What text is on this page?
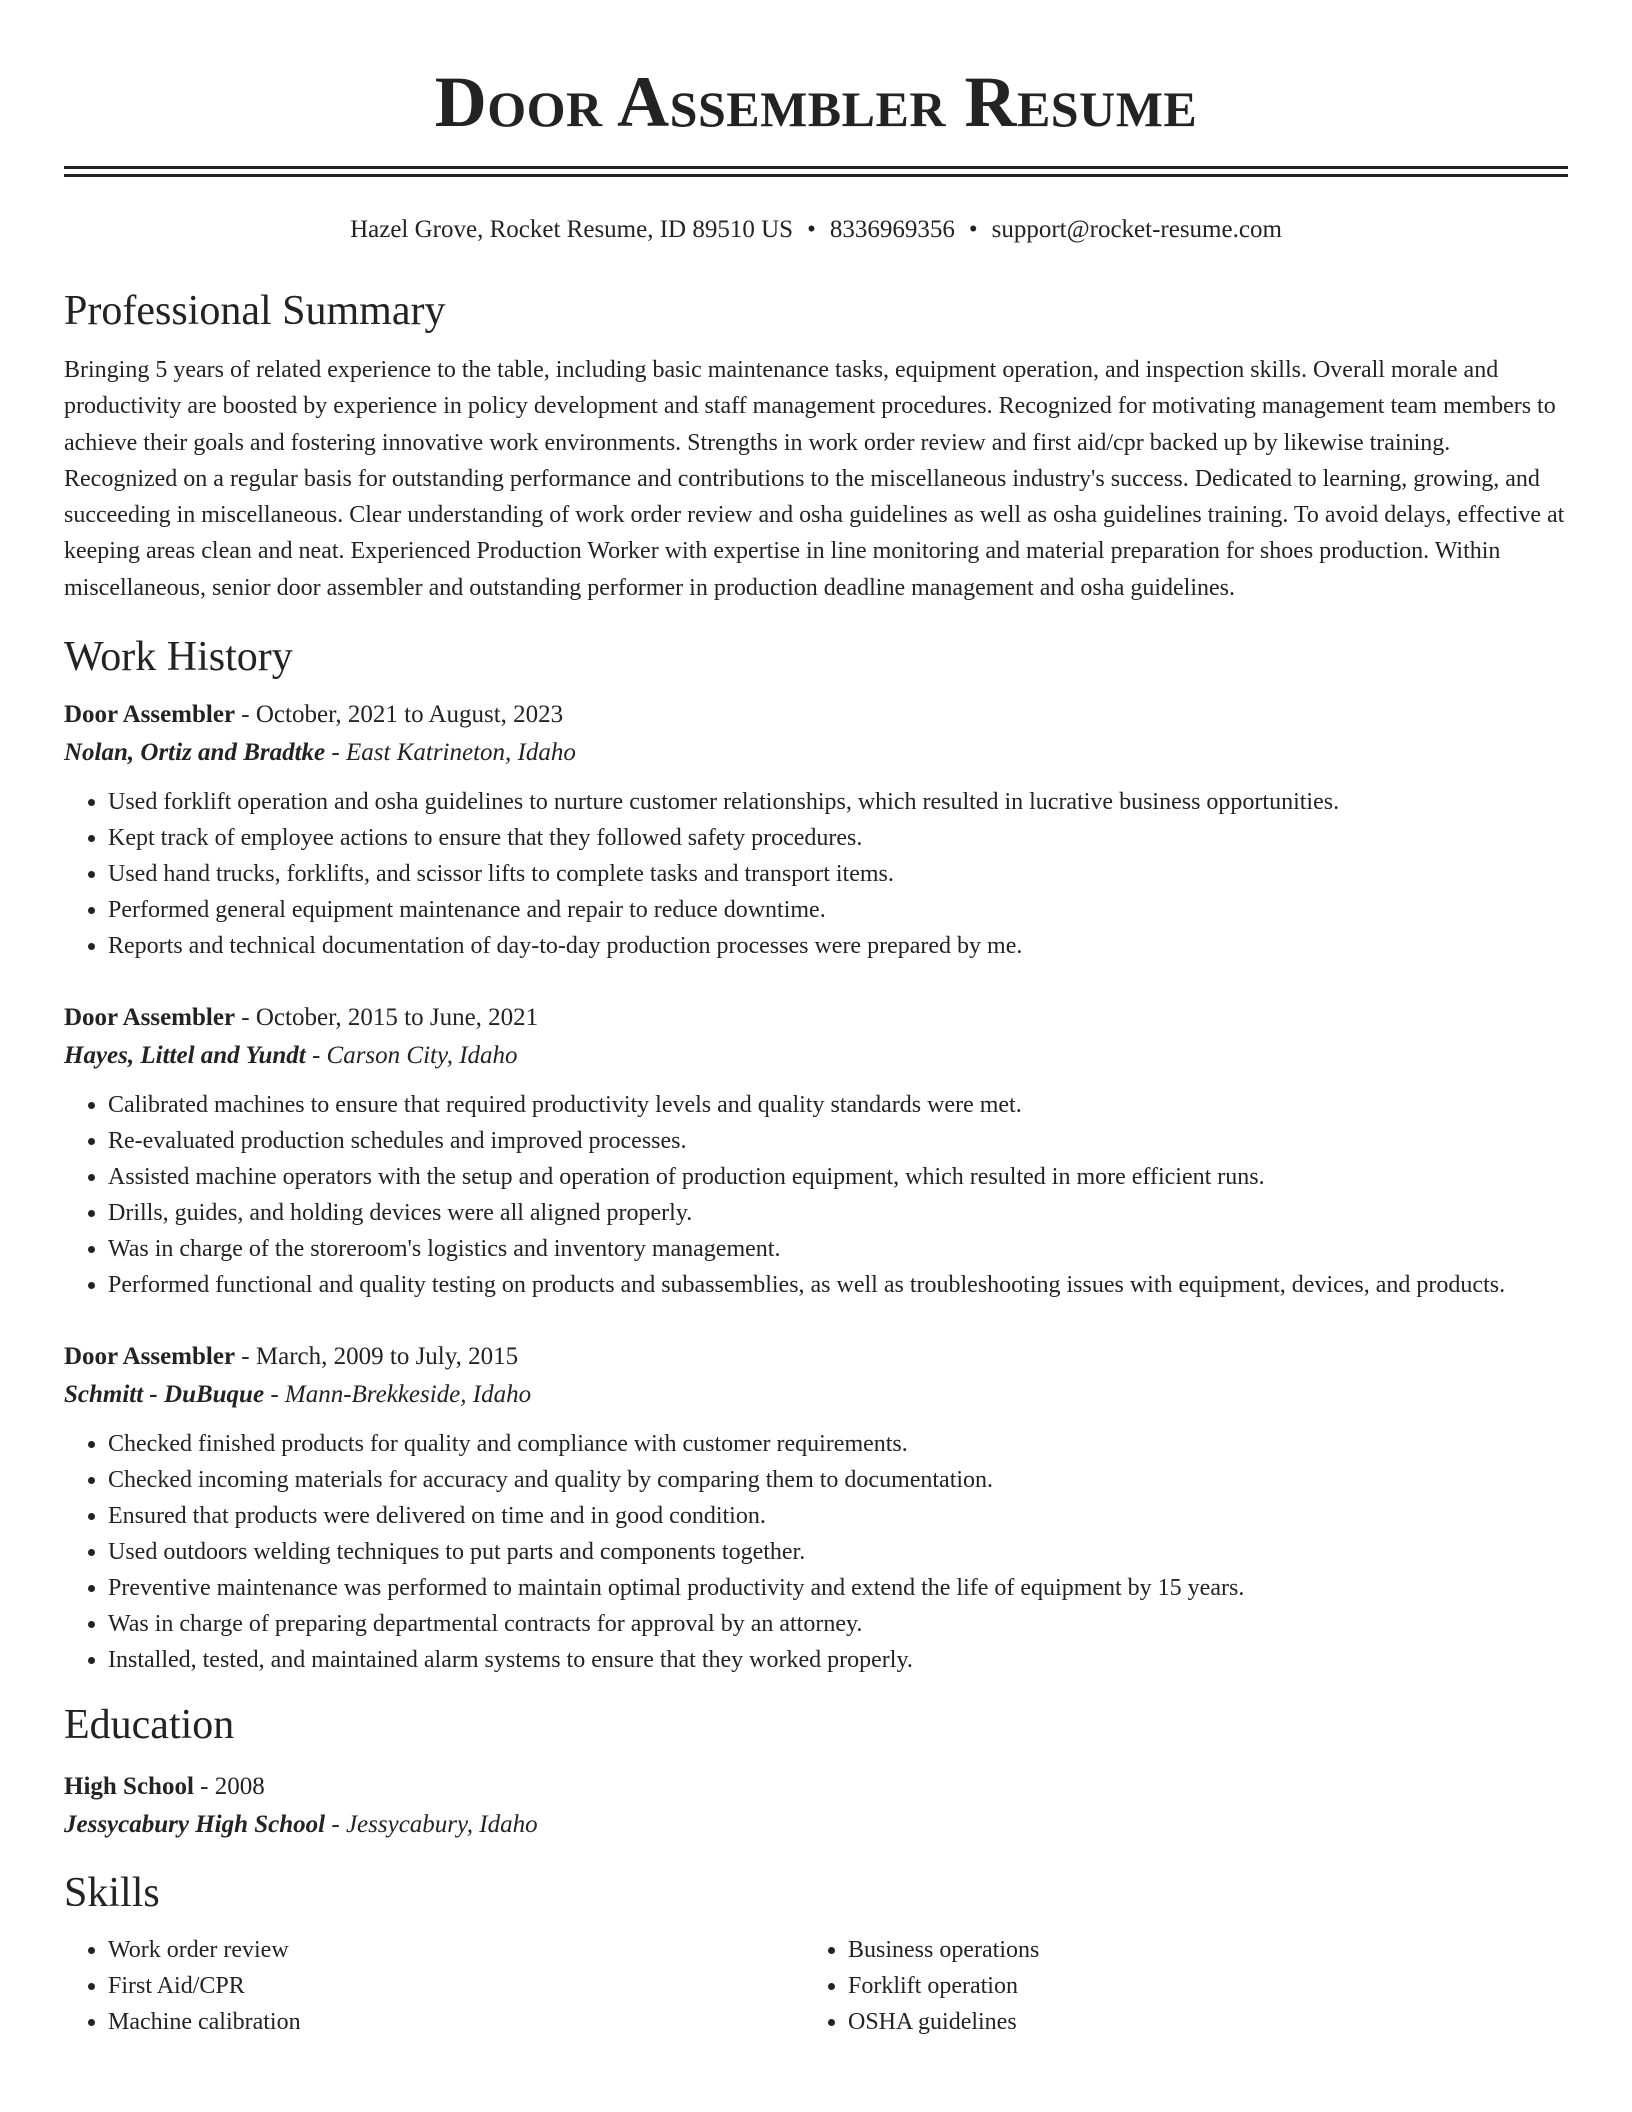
Door Assembler Resume
Hazel Grove, Rocket Resume, ID 89510 US • 8336969356 • support@rocket-resume.com
Professional Summary
Bringing 5 years of related experience to the table, including basic maintenance tasks, equipment operation, and inspection skills. Overall morale and productivity are boosted by experience in policy development and staff management procedures. Recognized for motivating management team members to achieve their goals and fostering innovative work environments. Strengths in work order review and first aid/cpr backed up by likewise training. Recognized on a regular basis for outstanding performance and contributions to the miscellaneous industry's success. Dedicated to learning, growing, and succeeding in miscellaneous. Clear understanding of work order review and osha guidelines as well as osha guidelines training. To avoid delays, effective at keeping areas clean and neat. Experienced Production Worker with expertise in line monitoring and material preparation for shoes production. Within miscellaneous, senior door assembler and outstanding performer in production deadline management and osha guidelines.
Work History
Door Assembler - October, 2021 to August, 2023
Nolan, Ortiz and Bradtke - East Katrineton, Idaho
• Used forklift operation and osha guidelines to nurture customer relationships, which resulted in lucrative business opportunities.
• Kept track of employee actions to ensure that they followed safety procedures.
• Used hand trucks, forklifts, and scissor lifts to complete tasks and transport items.
• Performed general equipment maintenance and repair to reduce downtime.
• Reports and technical documentation of day-to-day production processes were prepared by me.
Door Assembler - October, 2015 to June, 2021
Hayes, Littel and Yundt - Carson City, Idaho
• Calibrated machines to ensure that required productivity levels and quality standards were met.
• Re-evaluated production schedules and improved processes.
• Assisted machine operators with the setup and operation of production equipment, which resulted in more efficient runs.
• Drills, guides, and holding devices were all aligned properly.
• Was in charge of the storeroom's logistics and inventory management.
• Performed functional and quality testing on products and subassemblies, as well as troubleshooting issues with equipment, devices, and products.
Door Assembler - March, 2009 to July, 2015
Schmitt - DuBuque - Mann-Brekkeside, Idaho
• Checked finished products for quality and compliance with customer requirements.
• Checked incoming materials for accuracy and quality by comparing them to documentation.
• Ensured that products were delivered on time and in good condition.
• Used outdoors welding techniques to put parts and components together.
• Preventive maintenance was performed to maintain optimal productivity and extend the life of equipment by 15 years.
• Was in charge of preparing departmental contracts for approval by an attorney.
• Installed, tested, and maintained alarm systems to ensure that they worked properly.
Education
High School - 2008
Jessycabury High School - Jessycabury, Idaho
Skills
• Work order review
• First Aid/CPR
• Machine calibration
• Business operations
• Forklift operation
• OSHA guidelines
